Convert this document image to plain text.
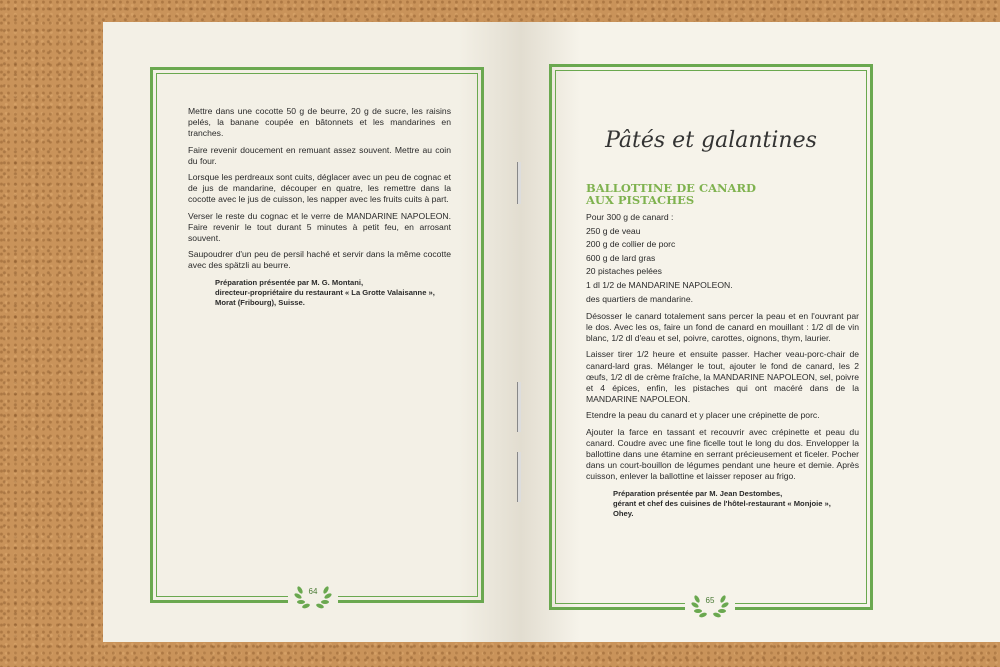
Mettre dans une cocotte 50 g de beurre, 20 g de sucre, les raisins pelés, la banane coupée en bâtonnets et les mandarines en tranches.

Faire revenir doucement en remuant assez souvent. Mettre au coin du four.

Lorsque les perdreaux sont cuits, déglacer avec un peu de cognac et de jus de mandarine, découper en quatre, les remettre dans la cocotte avec le jus de cuisson, les napper avec les fruits cuits à part.

Verser le reste du cognac et le verre de MANDARINE NAPOLEON. Faire revenir le tout durant 5 minutes à petit feu, en arrosant souvent.

Saupoudrer d'un peu de persil haché et servir dans la même cocotte avec des spätzli au beurre.

Préparation présentée par M. G. Montani,
directeur-propriétaire du restaurant « La Grotte Valaisanne »,
Morat (Fribourg), Suisse.
64
Pâtés et galantines
BALLOTTINE DE CANARD
AUX PISTACHES
Pour 300 g de canard :
250 g de veau
200 g de collier de porc
600 g de lard gras
20 pistaches pelées
1 dl 1/2 de MANDARINE NAPOLEON.
des quartiers de mandarine.

Désosser le canard totalement sans percer la peau et en l'ouvrant par le dos. Avec les os, faire un fond de canard en mouillant : 1/2 dl de vin blanc, 1/2 dl d'eau et sel, poivre, carottes, oignons, thym, laurier.

Laisser tirer 1/2 heure et ensuite passer. Hacher veau-porc-chair de canard-lard gras. Mélanger le tout, ajouter le fond de canard, les 2 œufs, 1/2 dl de crème fraîche, la MANDARINE NAPOLEON, sel, poivre et 4 épices, enfin, les pistaches qui ont macéré dans de la MANDARINE NAPOLEON.

Etendre la peau du canard et y placer une crépinette de porc.

Ajouter la farce en tassant et recouvrir avec crépinette et peau du canard. Coudre avec une fine ficelle tout le long du dos. Envelopper la ballottine dans une étamine en serrant précieusement et ficeler. Pocher dans un court-bouillon de légumes pendant une heure et demie. Après cuisson, enlever la ballottine et laisser reposer au frigo.

Préparation présentée par M. Jean Destombes,
gérant et chef des cuisines de l'hôtel-restaurant « Monjoie »,
Ohey.
65
